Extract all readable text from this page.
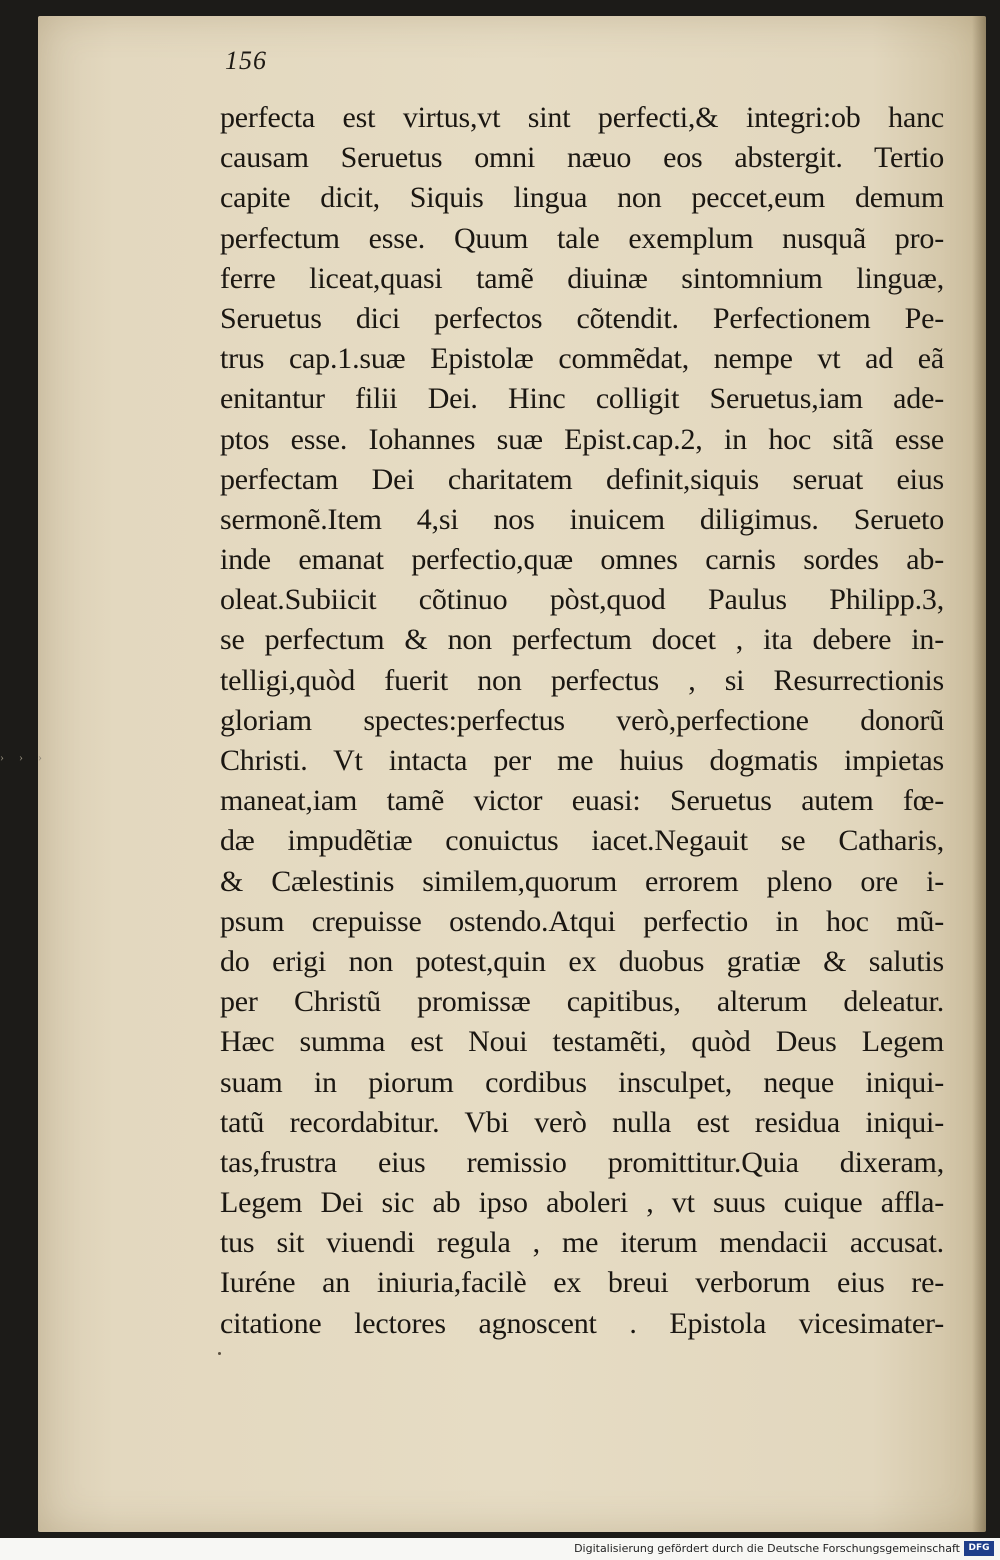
› › ›
156
perfecta est virtus,vt sint perfecti,& integri:ob hanc
causam Seruetus omni næuo eos abstergit. Tertio
capite dicit, Siquis lingua non peccet,eum demum
perfectum esse. Quum tale exemplum nusquã pro-
ferre liceat,quasi tamẽ diuinæ sintomnium linguæ,
Seruetus dici perfectos cõtendit. Perfectionem Pe-
trus cap.1.suæ Epistolæ commẽdat, nempe vt ad eã
enitantur filii Dei. Hinc colligit Seruetus,iam ade-
ptos esse. Iohannes suæ Epist.cap.2, in hoc sitã esse
perfectam Dei charitatem definit,siquis seruat eius
sermonẽ.Item 4,si nos inuicem diligimus. Serueto
inde emanat perfectio,quæ omnes carnis sordes ab-
oleat.Subiicit cõtinuo pòst,quod Paulus Philipp.3,
se perfectum & non perfectum docet , ita debere in-
telligi,quòd fuerit non perfectus , si Resurrectionis
gloriam spectes:perfectus verò,perfectione donorũ
Christi. Vt intacta per me huius dogmatis impietas
maneat,iam tamẽ victor euasi: Seruetus autem fœ-
dæ impudẽtiæ conuictus iacet.Negauit se Catharis,
& Cælestinis similem,quorum errorem pleno ore i-
psum crepuisse ostendo.Atqui perfectio in hoc mũ-
do erigi non potest,quin ex duobus gratiæ & salutis
per Christũ promissæ capitibus, alterum deleatur.
Hæc summa est Noui testamẽti, quòd Deus Legem
suam in piorum cordibus insculpet, neque iniqui-
tatũ recordabitur. Vbi verò nulla est residua iniqui-
tas,frustra eius remissio promittitur.Quia dixeram,
Legem Dei sic ab ipso aboleri , vt suus cuique affla-
tus sit viuendi regula , me iterum mendacii accusat.
Iuréne an iniuria,facilè ex breui verborum eius re-
citatione lectores agnoscent . Epistola vicesimater-
Digitalisierung gefördert durch die Deutsche Forschungsgemeinschaft DFG
